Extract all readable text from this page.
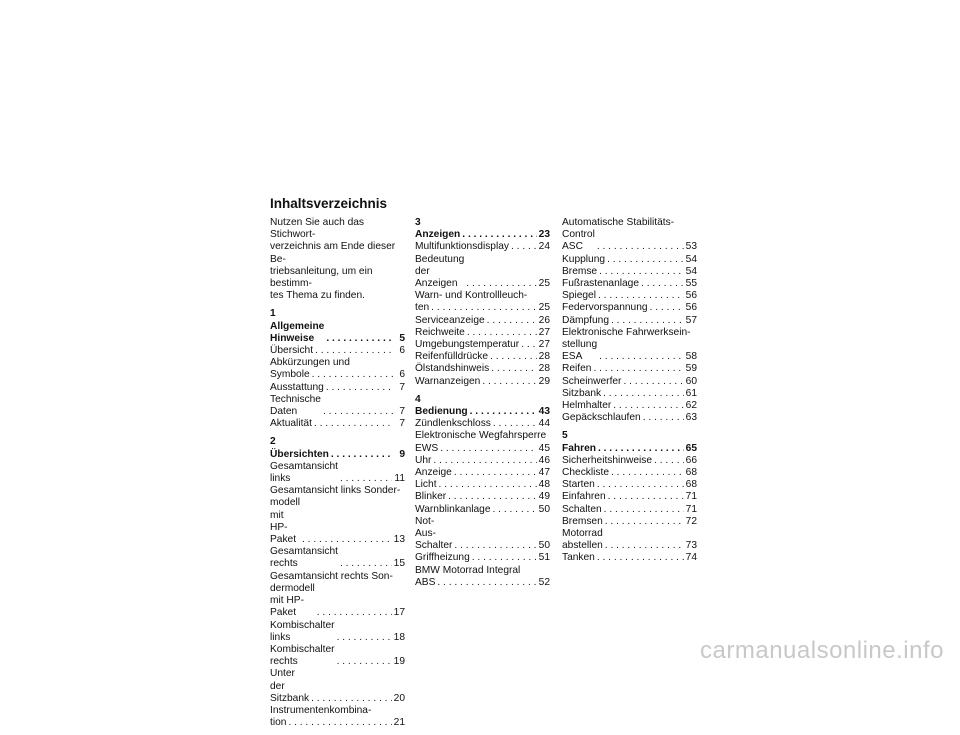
Inhaltsverzeichnis
Nutzen Sie auch das Stichwort-
verzeichnis am Ende dieser Be-
triebsanleitung, um ein bestimm-
tes Thema zu finden.
1 Allgemeine Hinweise . . .	5
Übersicht . . .	6
Abkürzungen und
Symbole . . .	6
Ausstattung . . .	7
Technische Daten . . .	7
Aktualität . . .	7
2 Übersichten . . .	9
Gesamtansicht links . . .	11
Gesamtansicht links Sonder-
modell mit HP-Paket . . .	13
Gesamtansicht rechts . . .	15
Gesamtansicht rechts Son-
dermodell mit HP-Paket . . .	17
Kombischalter links . . .	18
Kombischalter rechts . . .	19
Unter der Sitzbank . . .	20
Instrumentenkombina-
tion . . .	21
3 Anzeigen . . .	23
Multifunktionsdisplay . . .	24
Bedeutung der Anzeigen . . .	25
Warn- und Kontrollleuch-
ten . . .	25
Serviceanzeige . . .	26
Reichweite . . .	27
Umgebungstemperatur . . . 27
Reifenfülldrücke . . .	28
Ölstandshinweis . . .	28
Warnanzeigen . . .	29
4 Bedienung . . .	43
Zündlenkschloss . . .	44
Elektronische Wegfahrsperre
EWS . . .	45
Uhr . . .	46
Anzeige . . .	47
Licht . . .	48
Blinker . . .	49
Warnblinkanlage . . .	50
Not-Aus-Schalter . . .	50
Griffheizung . . .	51
BMW Motorrad Integral
ABS . . .	52
Automatische Stabilitäts-
Control ASC . . .	53
Kupplung . . .	54
Bremse . . .	54
Fußrastenanlage . . .	55
Spiegel . . .	56
Federvorspannung . . .	56
Dämpfung . . .	57
Elektronische Fahrwerksein-
stellung ESA . . .	58
Reifen . . .	59
Scheinwerfer . . .	60
Sitzbank . . .	61
Helmhalter . . .	62
Gepäckschlaufen . . .	63
5 Fahren . . .	65
Sicherheitshinweise . . .	66
Checkliste . . .	68
Starten . . .	68
Einfahren . . .	71
Schalten . . .	71
Bremsen . . .	72
Motorrad abstellen . . .	73
Tanken . . .	74
carmanualsonline.info
